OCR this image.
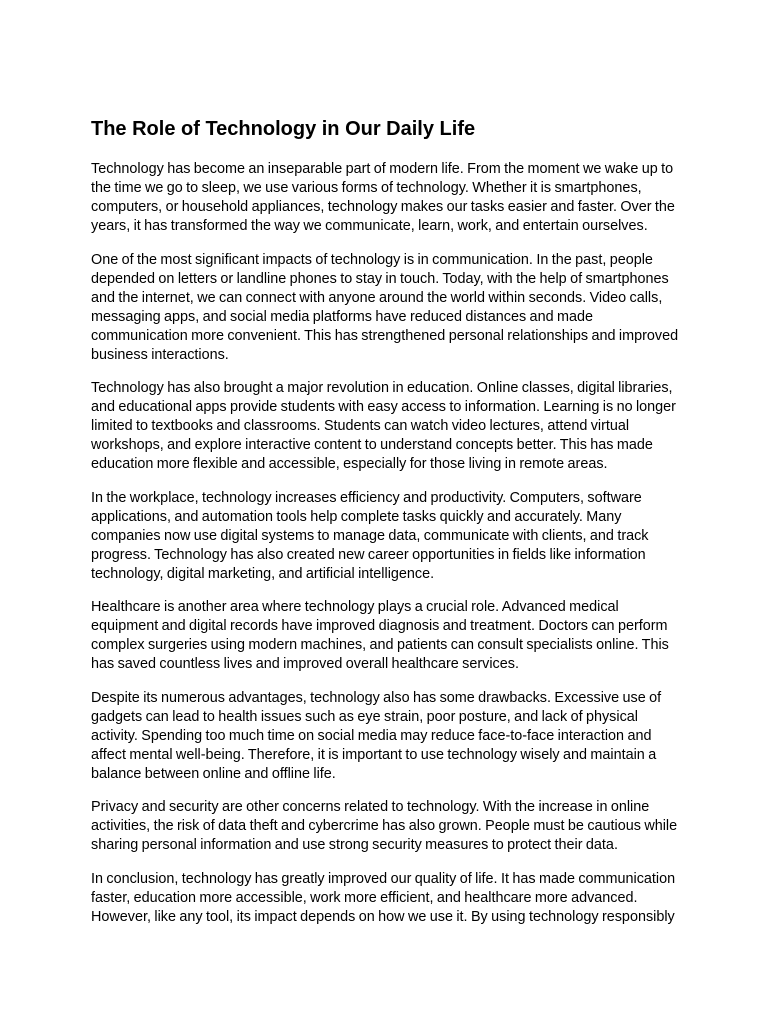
The Role of Technology in Our Daily Life

Technology has become an inseparable part of modern life. From the moment we wake up to the time we go to sleep, we use various forms of technology. Whether it is smartphones, computers, or household appliances, technology makes our tasks easier and faster. Over the years, it has transformed the way we communicate, learn, work, and entertain ourselves.

One of the most significant impacts of technology is in communication. In the past, people depended on letters or landline phones to stay in touch. Today, with the help of smartphones and the internet, we can connect with anyone around the world within seconds. Video calls, messaging apps, and social media platforms have reduced distances and made communication more convenient. This has strengthened personal relationships and improved business interactions.

Technology has also brought a major revolution in education. Online classes, digital libraries, and educational apps provide students with easy access to information. Learning is no longer limited to textbooks and classrooms. Students can watch video lectures, attend virtual workshops, and explore interactive content to understand concepts better. This has made education more flexible and accessible, especially for those living in remote areas.

In the workplace, technology increases efficiency and productivity. Computers, software applications, and automation tools help complete tasks quickly and accurately. Many companies now use digital systems to manage data, communicate with clients, and track progress. Technology has also created new career opportunities in fields like information technology, digital marketing, and artificial intelligence.

Healthcare is another area where technology plays a crucial role. Advanced medical equipment and digital records have improved diagnosis and treatment. Doctors can perform complex surgeries using modern machines, and patients can consult specialists online. This has saved countless lives and improved overall healthcare services.

Despite its numerous advantages, technology also has some drawbacks. Excessive use of gadgets can lead to health issues such as eye strain, poor posture, and lack of physical activity. Spending too much time on social media may reduce face-to-face interaction and affect mental well-being. Therefore, it is important to use technology wisely and maintain a balance between online and offline life.

Privacy and security are other concerns related to technology. With the increase in online activities, the risk of data theft and cybercrime has also grown. People must be cautious while sharing personal information and use strong security measures to protect their data.

In conclusion, technology has greatly improved our quality of life. It has made communication faster, education more accessible, work more efficient, and healthcare more advanced. However, like any tool, its impact depends on how we use it. By using technology responsibly
